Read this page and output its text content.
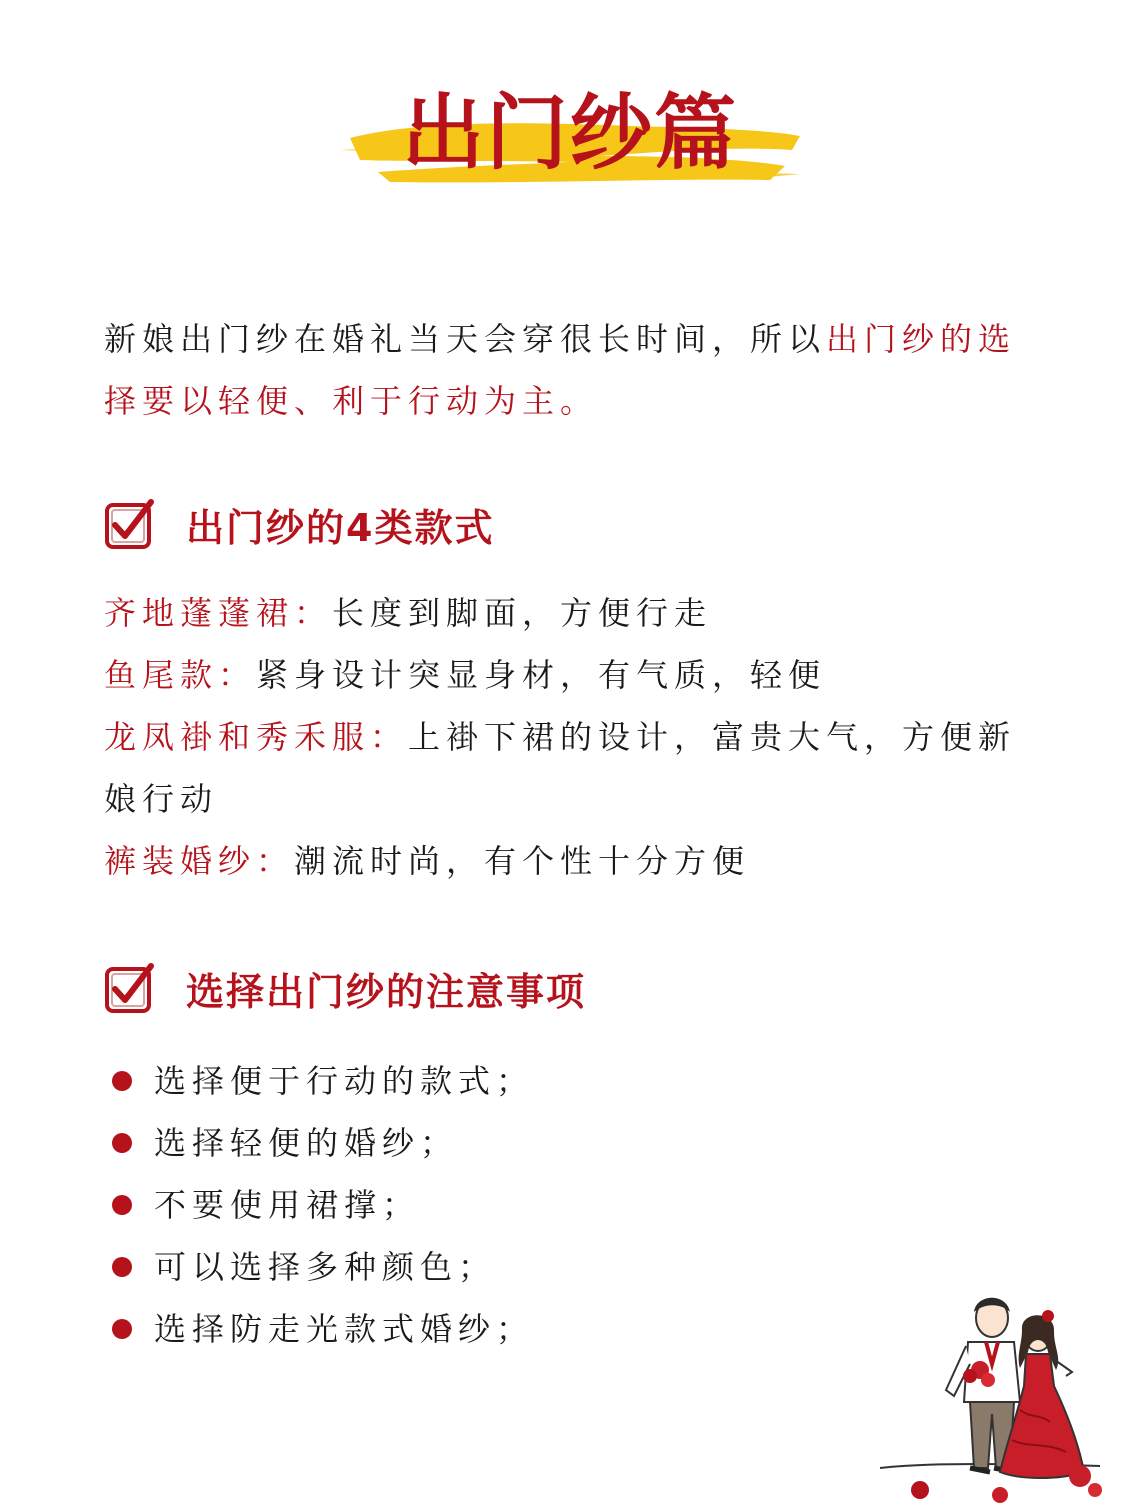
出门纱篇
新娘出门纱在婚礼当天会穿很长时间，所以出门纱的选择要以轻便、利于行动为主。
出门纱的4类款式
齐地蓬蓬裙：长度到脚面，方便行走
鱼尾款：紧身设计突显身材，有气质，轻便
龙凤褂和秀禾服：上褂下裙的设计，富贵大气，方便新娘行动
裤装婚纱：潮流时尚，有个性十分方便
选择出门纱的注意事项
选择便于行动的款式；
选择轻便的婚纱；
不要使用裙撑；
可以选择多种颜色；
选择防走光款式婚纱；
